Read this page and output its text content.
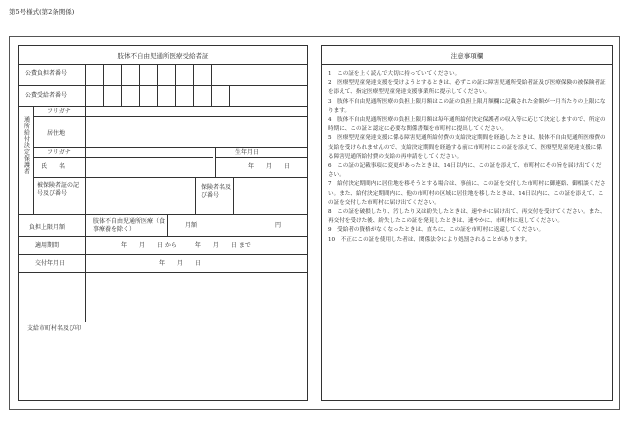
第5号様式(第2条関係)
肢体不自由児通所医療受給者証
公費負担者番号
公費受給者番号
通所給付決定保護者
フリガナ
居住地
フリガナ	生年月日
氏　　名	年　　月　　日
被保険者証の記号及び番号
保険者名及び番号
負担上限月額
肢体不自由児通所医療（食事療養を除く）
月額	円
適用期間	年　　月　　日 から　　　年　　月　　日 まで
交付年月日	年　　月　　日
支給市町村名及び印
注意事項欄
1　この証を上く読んで大切に持っていてください。
2　医療型児童発達支援を受けようとするときは、必ずこの証に障害児通所受給者証及び医療保険の被保険者証を添えて、指定医療型児童発達支援事業所に提示してください。
3　肢体不自由児通所医療の負担上限月額はこの証の負担上限月額欄に記載された金額が一月当たりの上限になります。
4　肢体不自由児通所医療の負担上限月額は毎年通所給付決定保護者の収入等に応じて決定しますので、所定の時期に、この証と認定に必要な関係書類を市町村に提出してください。
5　医療型児童発達支援に係る障害児通所給付費の支給決定期間を経過したときは、肢体不自由児通所医療費の支給を受けられませんので、支給決定期間を経過する前に市町村にこの証を添えて、医療型児童発達支援に係る障害児通所給付費の支給の再申請をしてください。
6　この証の記載事項に変更があったときは、14日以内に、この証を添えて、市町村にその旨を届け出てください。
7　給付決定期間内に居住地を移そうとする場合は、事前に、この証を交付した市町村に御連絡、御相談ください。また、給付決定期間内に、他の市町村の区域に居住地を移したときは、14日以内に、この証を添えて、この証を交付した市町村に届け出てください。
8　この証を破損したり、汚したり又は紛失したときは、速やかに届け出て、再交付を受けてください。また、再交付を受けた後、紛失したこの証を発見したときは、速やかに、市町村に返してください。
9　受給者の資格がなくなったときは、直ちに、この証を市町村に返還してください。
10　不正にこの証を使用した者は、関係法令により処罰されることがあります。
